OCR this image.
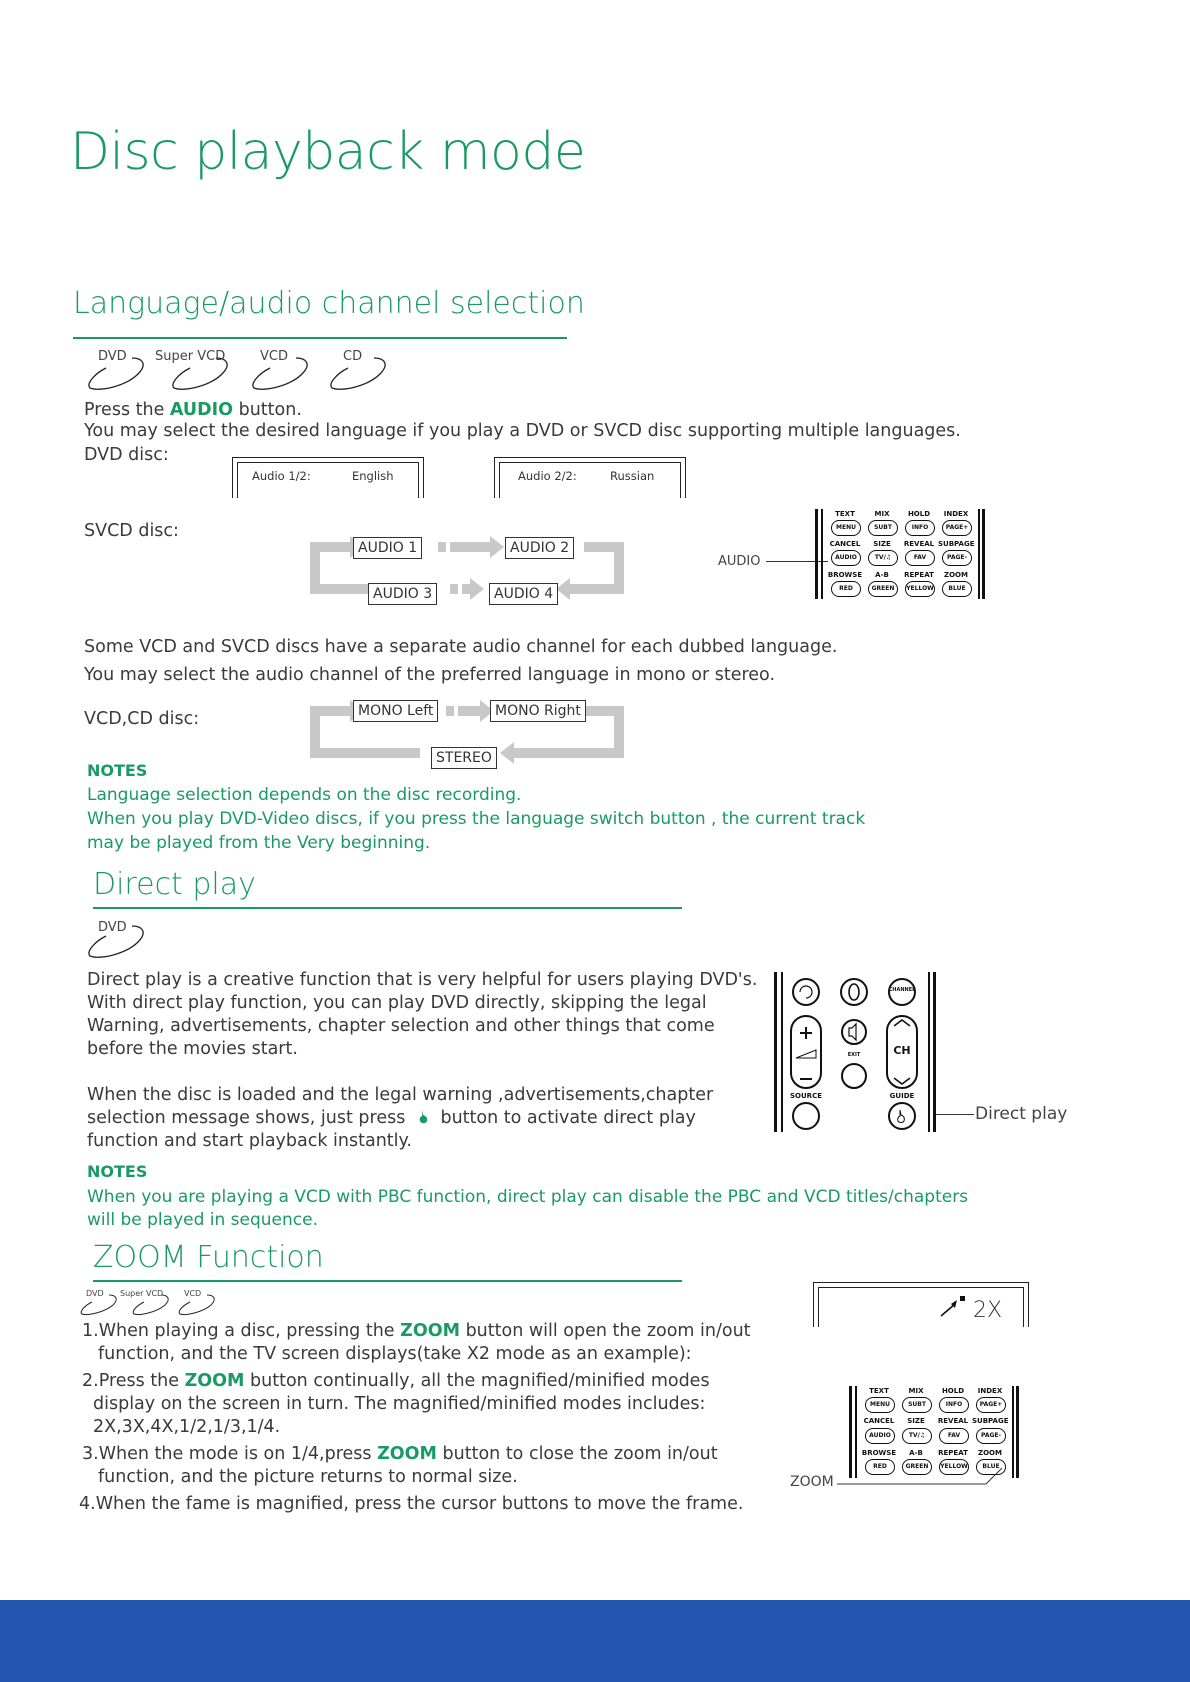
Disc playback mode
Language/audio channel selection
DVD Super VCD	VCD	CD
Press the AUDIO button.
You may select the desired language if you play a DVD or SVCD disc supporting multiple languages.
DVD disc:
Audio 1/2:	English	Audio 2/2:	Russian
SVCD disc:
AUDIO 1	AUDIO 2
AUDIO 3	AUDIO 4
AUDIO
TEXT	MIX	HOLD	INDEX
MENU	SUBT	INFO	PAGE+
CANCEL	SIZE	REVEAL SUBPAGE
AUDIO	TV/♫	FAV	PAGE-
BROWSE	A-B	REPEAT	ZOOM
RED	GREEN	YELLOW	BLUE
Some VCD and SVCD discs have a separate audio channel for each dubbed language.
You may select the audio channel of the preferred language in mono or stereo.
VCD,CD disc:	MONO Left	MONO Right
STEREO
NOTES
Language selection depends on the disc recording.
When you play DVD-Video discs, if you press the language switch button , the current track
may be played from the Very beginning.
Direct play
DVD
Direct play is a creative function that is very helpful for users playing DVD's.
With direct play function, you can play DVD directly, skipping the legal
Warning, advertisements, chapter selection and other things that come
before the movies start.
When the disc is loaded and the legal warning ,advertisements,chapter
selection message shows, just press button to activate direct play
function and start playback instantly.
CHANNEL
CH
EXIT
SOURCE	GUIDE
Direct play
NOTES
When you are playing a VCD with PBC function, direct play can disable the PBC and VCD titles/chapters
will be played in sequence.
ZOOM Function
DVD Super VCD	VCD
1.When playing a disc, pressing the ZOOM button will open the zoom in/out
function, and the TV screen displays(take X2 mode as an example):
2.Press the ZOOM button continually, all the magnified/minified modes
display on the screen in turn. The magnified/minified modes includes:
2X,3X,4X,1/2,1/3,1/4.
3.When the mode is on 1/4,press ZOOM button to close the zoom in/out
function, and the picture returns to normal size.
4.When the fame is magnified, press the cursor buttons to move the frame.
2X
TEXT	MIX	HOLD	INDEX
MENU	SUBT	INFO	PAGE+
CANCEL	SIZE	REVEAL SUBPAGE
AUDIO	TV/♫	FAV	PAGE-
BROWSE	A-B	REPEAT	ZOOM
RED	GREEN	YELLOW	BLUE
ZOOM
